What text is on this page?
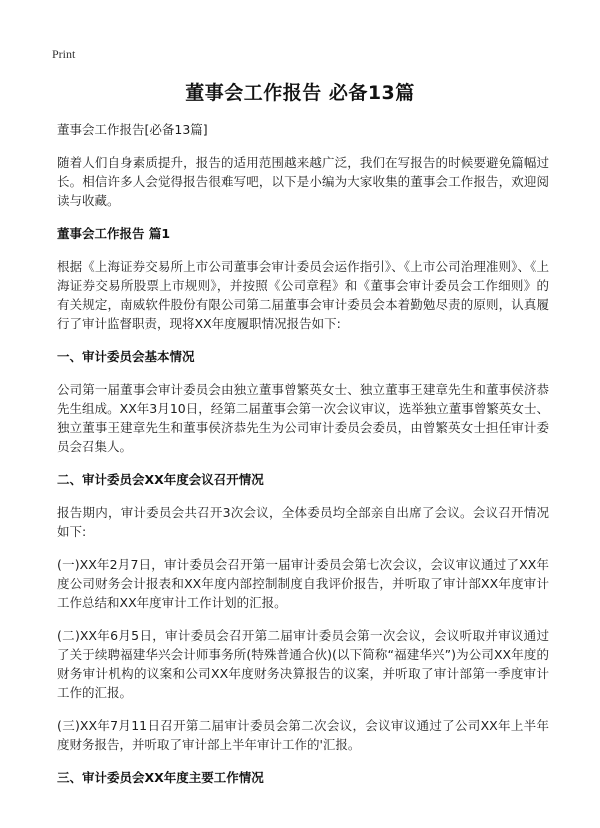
Print
董事会工作报告 必备13篇

董事会工作报告[必备13篇]

随着人们自身素质提升，报告的适用范围越来越广泛，我们在写报告的时候要避免篇幅过长。相信许多人会觉得报告很难写吧，以下是小编为大家收集的董事会工作报告，欢迎阅读与收藏。

董事会工作报告 篇1

根据《上海证券交易所上市公司董事会审计委员会运作指引》、《上市公司治理准则》、《上海证券交易所股票上市规则》，并按照《公司章程》和《董事会审计委员会工作细则》的有关规定，南威软件股份有限公司第二届董事会审计委员会本着勤勉尽责的原则，认真履行了审计监督职责，现将XX年度履职情况报告如下:

一、审计委员会基本情况

公司第一届董事会审计委员会由独立董事曾繁英女士、独立董事王建章先生和董事侯济恭先生组成。XX年3月10日，经第二届董事会第一次会议审议，选举独立董事曾繁英女士、独立董事王建章先生和董事侯济恭先生为公司审计委员会委员，由曾繁英女士担任审计委员会召集人。

二、审计委员会XX年度会议召开情况

报告期内，审计委员会共召开3次会议，全体委员均全部亲自出席了会议。会议召开情况如下:

(一)XX年2月7日，审计委员会召开第一届审计委员会第七次会议，会议审议通过了XX年度公司财务会计报表和XX年度内部控制制度自我评价报告，并听取了审计部XX年度审计工作总结和XX年度审计工作计划的汇报。

(二)XX年6月5日，审计委员会召开第二届审计委员会第一次会议，会议听取并审议通过了关于续聘福建华兴会计师事务所(特殊普通合伙)(以下简称“福建华兴”)为公司XX年度的财务审计机构的议案和公司XX年度财务决算报告的议案，并听取了审计部第一季度审计工作的汇报。

(三)XX年7月11日召开第二届审计委员会第二次会议，会议审议通过了公司XX年上半年度财务报告，并听取了审计部上半年审计工作的'汇报。

三、审计委员会XX年度主要工作情况
